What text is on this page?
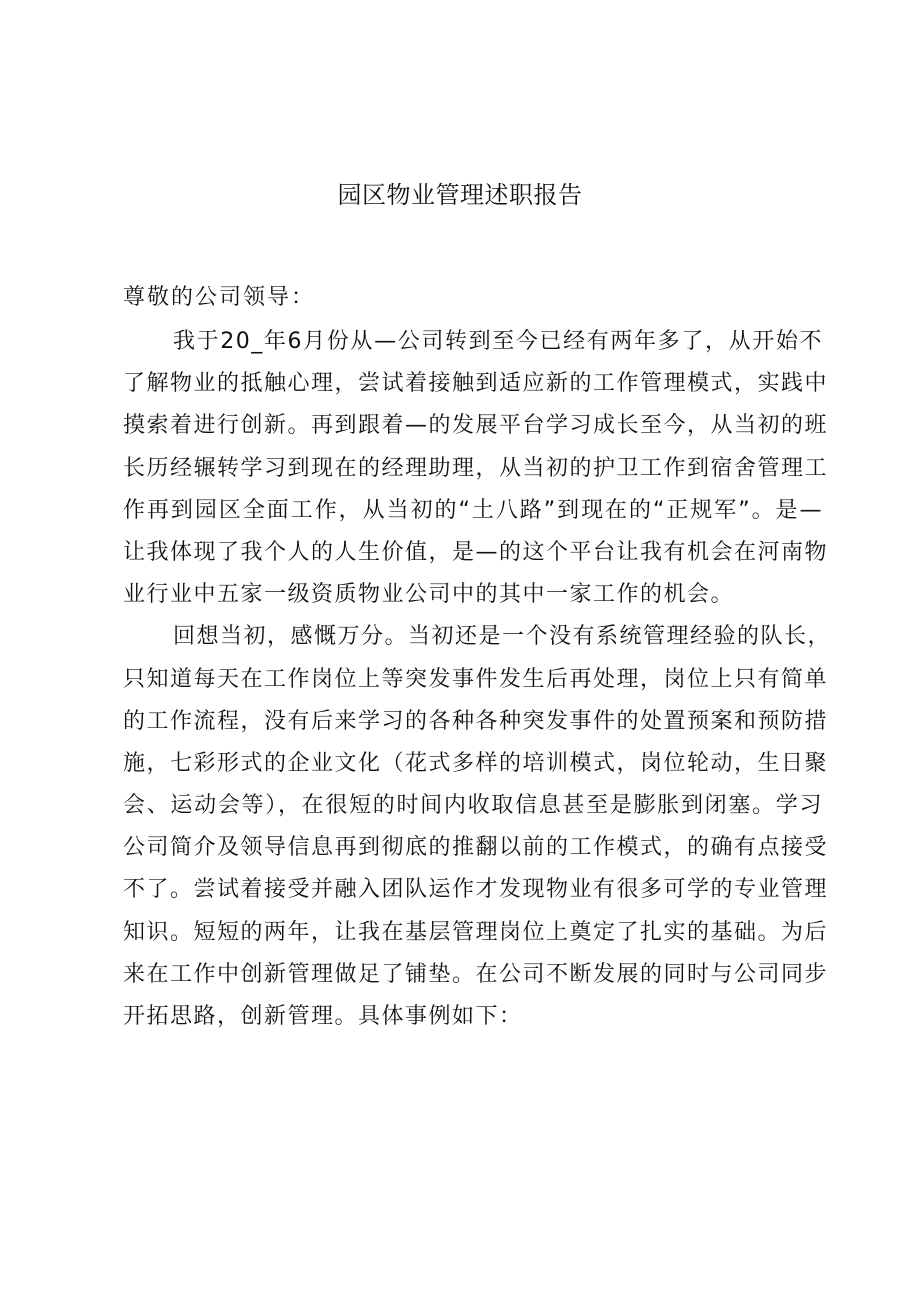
园区物业管理述职报告
尊敬的公司领导：
我于20_年6月份从—公司转到至今已经有两年多了，从开始不
了解物业的抵触心理，尝试着接触到适应新的工作管理模式，实践中
摸索着进行创新。再到跟着—的发展平台学习成长至今，从当初的班
长历经辗转学习到现在的经理助理，从当初的护卫工作到宿舍管理工
作再到园区全面工作，从当初的“土八路”到现在的“正规军”。是—
让我体现了我个人的人生价值，是—的这个平台让我有机会在河南物
业行业中五家一级资质物业公司中的其中一家工作的机会。
回想当初，感慨万分。当初还是一个没有系统管理经验的队长，
只知道每天在工作岗位上等突发事件发生后再处理，岗位上只有简单
的工作流程，没有后来学习的各种各种突发事件的处置预案和预防措
施，七彩形式的企业文化（花式多样的培训模式，岗位轮动，生日聚
会、运动会等），在很短的时间内收取信息甚至是膨胀到闭塞。学习
公司简介及领导信息再到彻底的推翻以前的工作模式，的确有点接受
不了。尝试着接受并融入团队运作才发现物业有很多可学的专业管理
知识。短短的两年，让我在基层管理岗位上奠定了扎实的基础。为后
来在工作中创新管理做足了铺垫。在公司不断发展的同时与公司同步
开拓思路，创新管理。具体事例如下：
